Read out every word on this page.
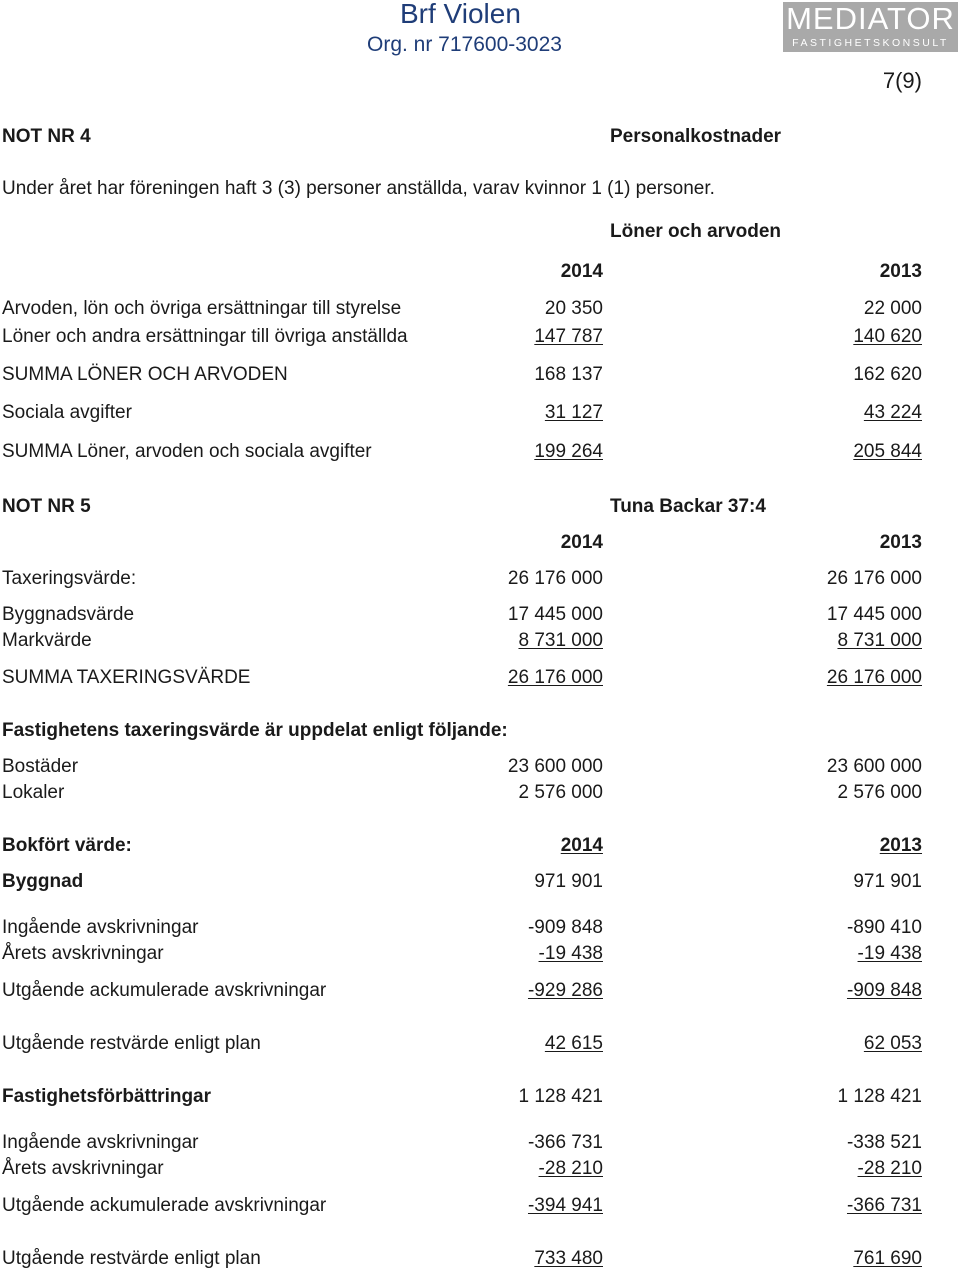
Brf Violen
Org. nr 717600-3023
MEDIATOR
FASTIGHETSKONSULT
7(9)
NOT NR 4	Personalkostnader
Under året har föreningen haft 3 (3) personer anställda, varav kvinnor 1 (1) personer.
Löner och arvoden
2014	2013
Arvoden, lön och övriga ersättningar till styrelse	20 350	22 000
Löner och andra ersättningar till övriga anställda	147 787	140 620
SUMMA LÖNER OCH ARVODEN	168 137	162 620
Sociala avgifter	31 127	43 224
SUMMA Löner, arvoden och sociala avgifter	199 264	205 844
NOT NR 5	Tuna Backar 37:4
2014	2013
Taxeringsvärde:	26 176 000	26 176 000
Byggnadsvärde	17 445 000	17 445 000
Markvärde	8 731 000	8 731 000
SUMMA TAXERINGSVÄRDE	26 176 000	26 176 000
Fastighetens taxeringsvärde är uppdelat enligt följande:
Bostäder	23 600 000	23 600 000
Lokaler	2 576 000	2 576 000
Bokfört värde:	2014	2013
Byggnad	971 901	971 901
Ingående avskrivningar	-909 848	-890 410
Årets avskrivningar	-19 438	-19 438
Utgående ackumulerade avskrivningar	-929 286	-909 848
Utgående restvärde enligt plan	42 615	62 053
Fastighetsförbättringar	1 128 421	1 128 421
Ingående avskrivningar	-366 731	-338 521
Årets avskrivningar	-28 210	-28 210
Utgående ackumulerade avskrivningar	-394 941	-366 731
Utgående restvärde enligt plan	733 480	761 690
